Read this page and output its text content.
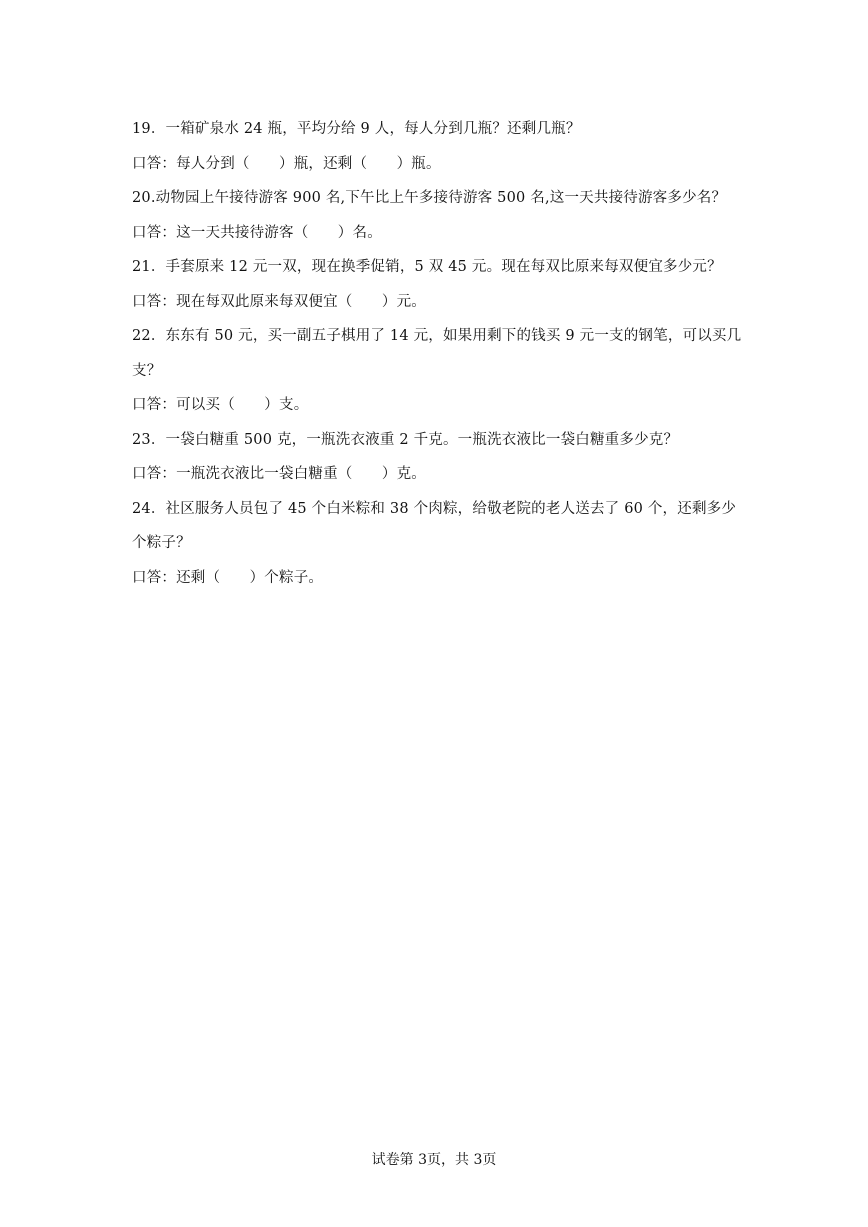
19．一箱矿泉水 24 瓶，平均分给 9 人，每人分到几瓶？还剩几瓶？
口答：每人分到（　　）瓶，还剩（　　）瓶。
20.动物园上午接待游客 900 名,下午比上午多接待游客 500 名,这一天共接待游客多少名？
口答：这一天共接待游客（　　）名。
21．手套原来 12 元一双，现在换季促销，5 双 45 元。现在每双比原来每双便宜多少元？
口答：现在每双此原来每双便宜（　　）元。
22．东东有 50 元，买一副五子棋用了 14 元，如果用剩下的钱买 9 元一支的钢笔，可以买几
支？
口答：可以买（　　）支。
23．一袋白糖重 500 克，一瓶洗衣液重 2 千克。一瓶洗衣液比一袋白糖重多少克？
口答：一瓶洗衣液比一袋白糖重（　　）克。
24．社区服务人员包了 45 个白米粽和 38 个肉粽，给敬老院的老人送去了 60 个，还剩多少
个粽子？
口答：还剩（　　）个粽子。
试卷第 3页，共 3页
